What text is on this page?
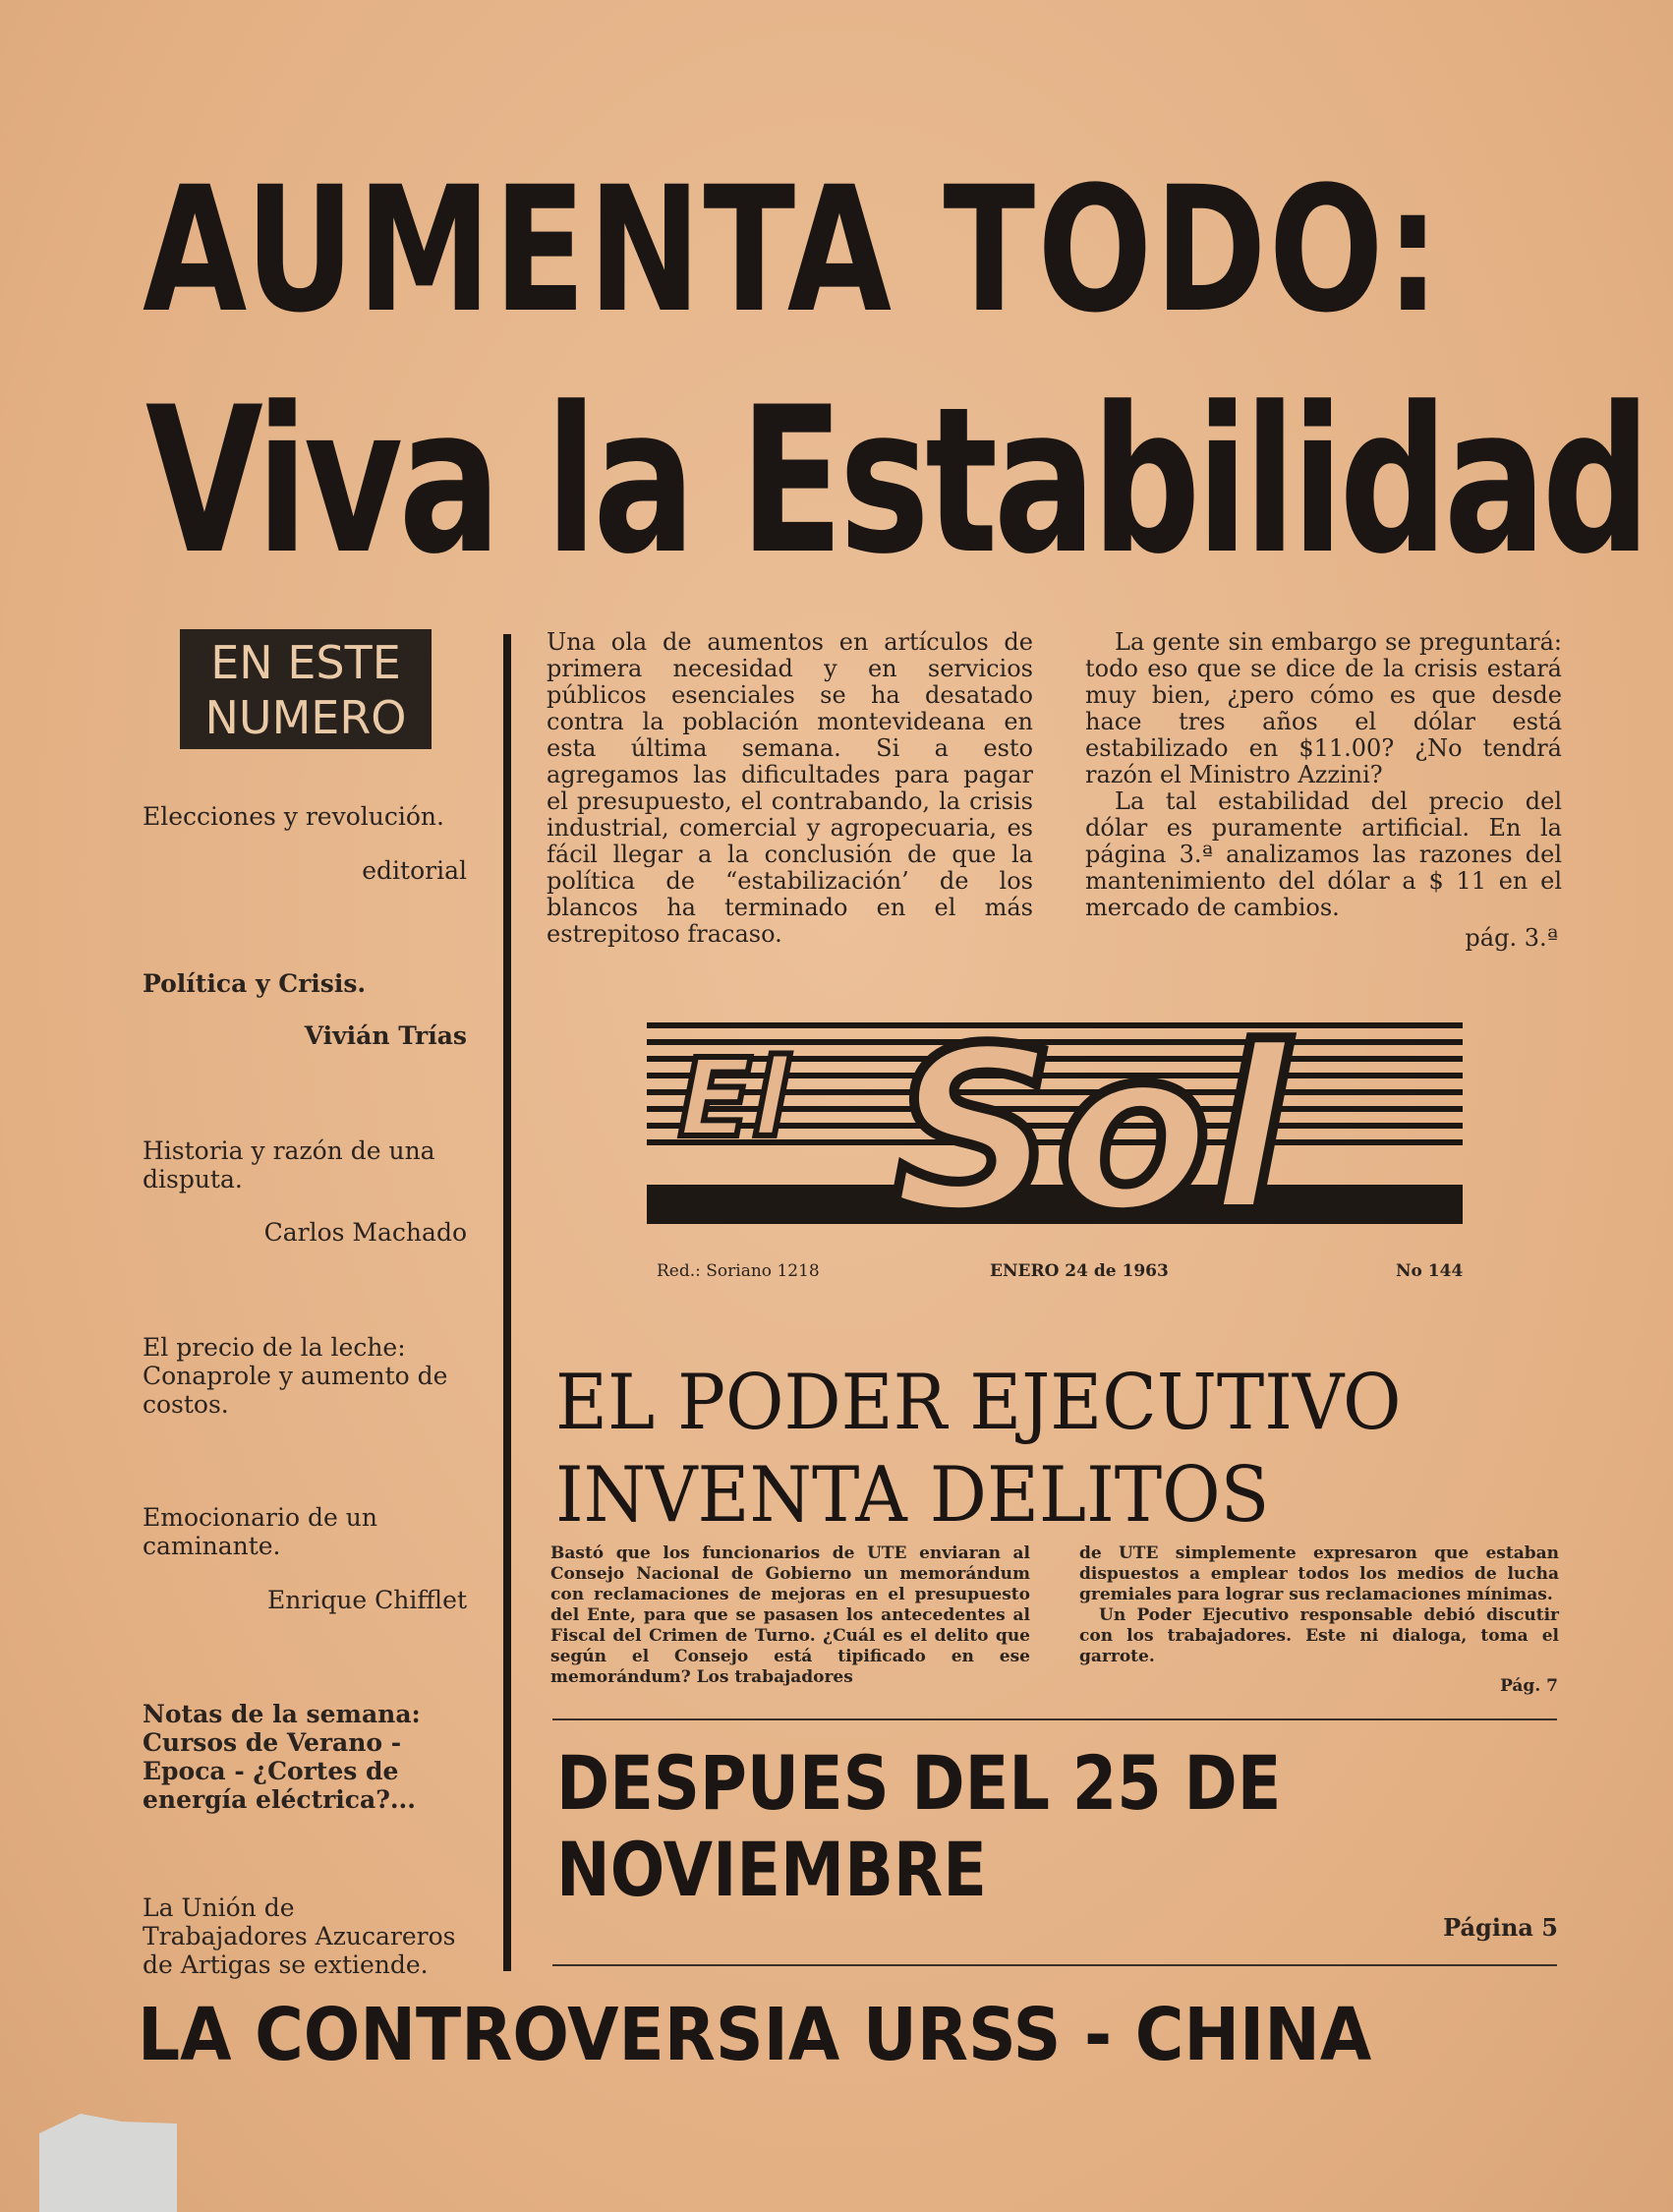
AUMENTA TODO:
Viva la Estabilidad
EN ESTE
NUMERO
Elecciones y revolución.
editorial
Política y Crisis.
Vivián Trías
Historia y razón de una disputa.
Carlos Machado
El precio de la leche: Conaprole y aumento de costos.
Emocionario de un caminante.
Enrique Chifflet
Notas de la semana: Cursos de Verano - Epoca - ¿Cortes de energía eléctrica?...
La Unión de Trabajadores Azucareros de Artigas se extiende.
Una ola de aumentos en artículos de primera necesidad y en servicios públicos esenciales se ha desatado contra la población montevideana en esta última semana. Si a esto agregamos las dificultades para pagar el presupuesto, el contrabando, la crisis industrial, comercial y agropecuaria, es fácil llegar a la conclusión de que la política de “estabilización’ de los blancos ha terminado en el más estrepitoso fracaso.

La gente sin embargo se preguntará: todo eso que se dice de la crisis estará muy bien, ¿pero cómo es que desde hace tres años el dólar está estabilizado en $11.00? ¿No tendrá razón el Ministro Azzini?

La tal estabilidad del precio del dólar es puramente artificial. En la página 3.ª analizamos las razones del mantenimiento del dólar a $ 11 en el mercado de cambios.

pág. 3.ª
El Sol
Red.: Soriano 1218	ENERO 24 de 1963	No 144
EL PODER EJECUTIVO
INVENTA DELITOS
Bastó que los funcionarios de UTE enviaran al Consejo Nacional de Gobierno un memorándum con reclamaciones de mejoras en el presupuesto del Ente, para que se pasasen los antecedentes al Fiscal del Crimen de Turno. ¿Cuál es el delito que según el Consejo está tipificado en ese memorándum? Los trabajadores

de UTE simplemente expresaron que estaban dispuestos a emplear todos los medios de lucha gremiales para lograr sus reclamaciones mínimas.

Un Poder Ejecutivo responsable debió discutir con los trabajadores. Este ni dialoga, toma el garrote.

Pág. 7
DESPUES DEL 25 DE
NOVIEMBRE
Página 5
LA CONTROVERSIA URSS - CHINA
